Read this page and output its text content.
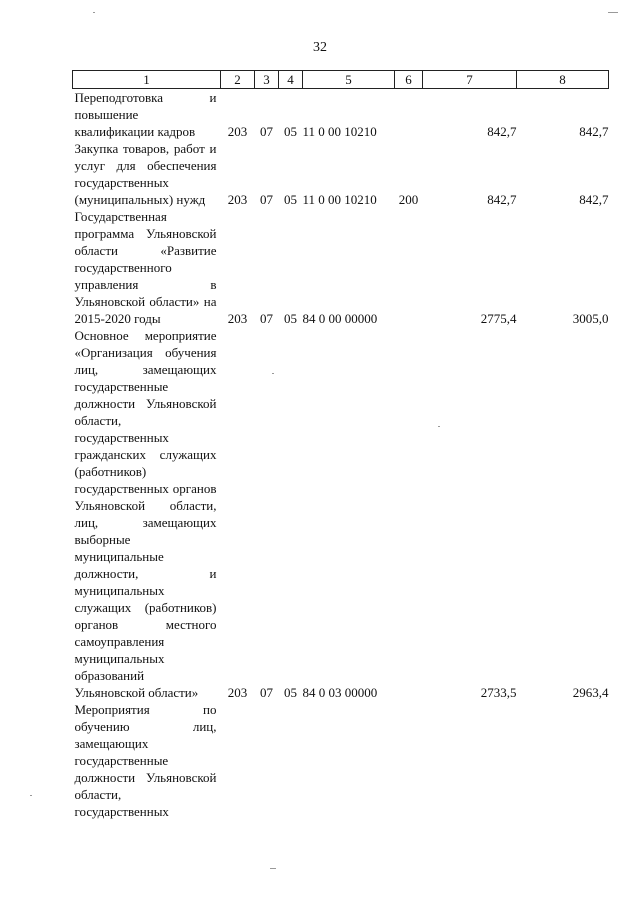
32
1	2	3	4	5	6	7	8
Переподготовка и повышение квалификации кадров	203	07	05	11 0 00 10210		842,7	842,7
Закупка товаров, работ и услуг для обеспечения государственных (муниципальных) нужд	203	07	05	11 0 00 10210	200	842,7	842,7
Государственная программа Ульяновской области «Развитие государственного управления в Ульяновской области» на 2015-2020 годы	203	07	05	84 0 00 00000		2775,4	3005,0
Основное мероприятие «Организация обучения лиц, замещающих государственные должности Ульяновской области, государственных гражданских служащих (работников) государственных органов Ульяновской области, лиц, замещающих выборные муниципальные должности, и муниципальных служащих (работников) органов местного самоуправления муниципальных образований Ульяновской области»	203	07	05	84 0 03 00000		2733,5	2963,4
Мероприятия по обучению лиц, замещающих государственные должности Ульяновской области, государственных							
